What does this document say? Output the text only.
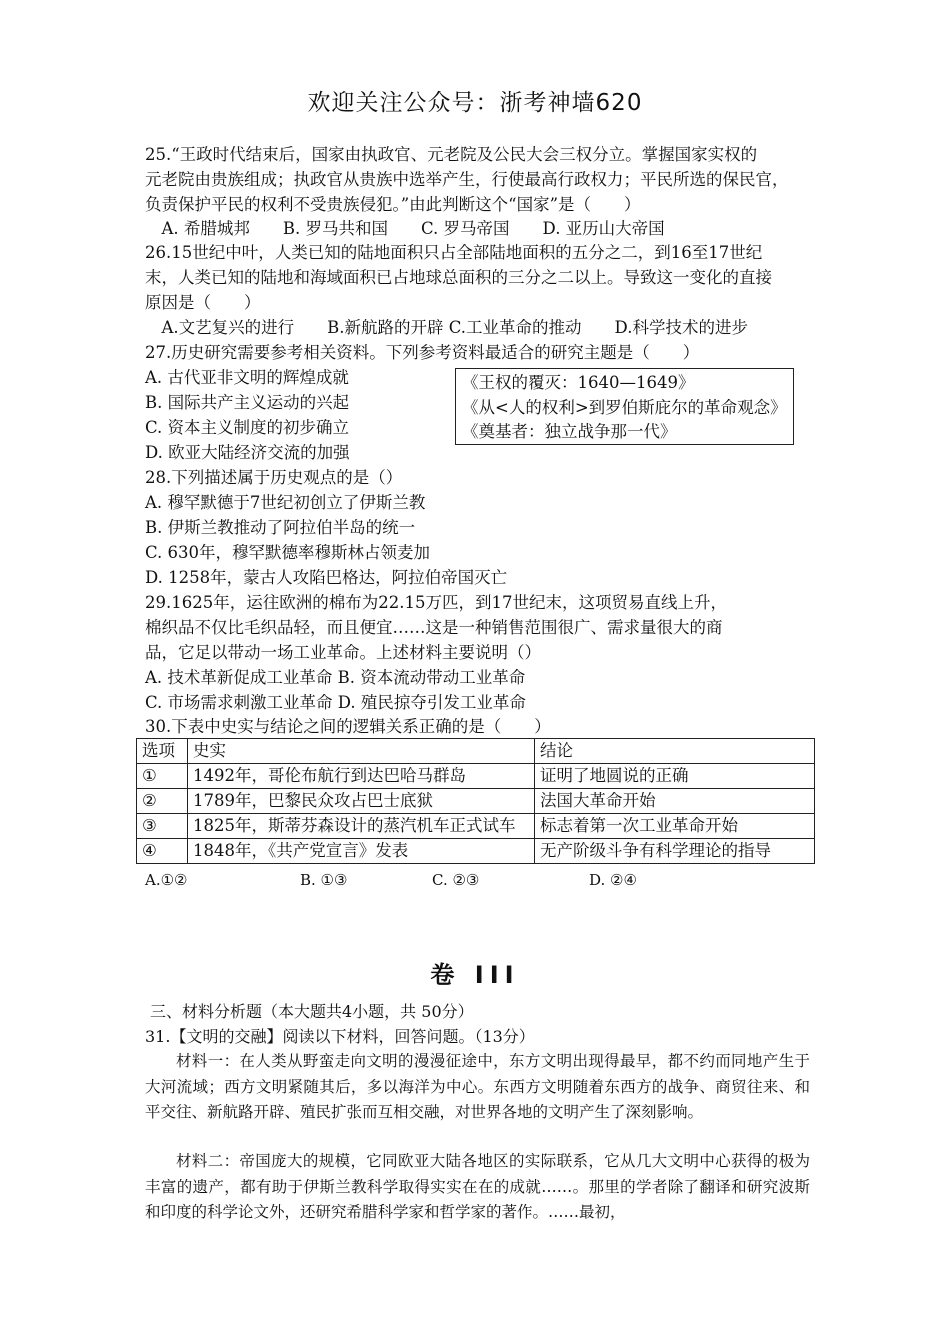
欢迎关注公众号：浙考神墙620
25.“王政时代结束后，国家由执政官、元老院及公民大会三权分立。掌握国家实权的
元老院由贵族组成；执政官从贵族中选举产生，行使最高行政权力；平民所选的保民官，
负责保护平民的权利不受贵族侵犯。”由此判断这个“国家”是（　　）
　A. 希腊城邦　　B. 罗马共和国　　C. 罗马帝国　　D. 亚历山大帝国
26.15世纪中叶，人类已知的陆地面积只占全部陆地面积的五分之二，到16至17世纪
末，人类已知的陆地和海域面积已占地球总面积的三分之二以上。导致这一变化的直接
原因是（　　）
　A.文艺复兴的进行　　B.新航路的开辟 C.工业革命的推动　　D.科学技术的进步
27.历史研究需要参考相关资料。下列参考资料最适合的研究主题是（　　）
A. 古代亚非文明的辉煌成就
B. 国际共产主义运动的兴起
C. 资本主义制度的初步确立
D. 欧亚大陆经济交流的加强
《王权的覆灭：1640—1649》
《从<人的权利>到罗伯斯庇尔的革命观念》
《奠基者：独立战争那一代》
28.下列描述属于历史观点的是（）
A. 穆罕默德于7世纪初创立了伊斯兰教
B. 伊斯兰教推动了阿拉伯半岛的统一
C. 630年，穆罕默德率穆斯林占领麦加
D. 1258年，蒙古人攻陷巴格达，阿拉伯帝国灭亡
29.1625年，运往欧洲的棉布为22.15万匹，到17世纪末，这项贸易直线上升，
棉织品不仅比毛织品轻，而且便宜……这是一种销售范围很广、需求量很大的商
品，它足以带动一场工业革命。上述材料主要说明（）
A. 技术革新促成工业革命 B. 资本流动带动工业革命
C. 市场需求刺激工业革命 D. 殖民掠夺引发工业革命
30.下表中史实与结论之间的逻辑关系正确的是（　　）
选项	史实	结论
①	1492年，哥伦布航行到达巴哈马群岛	证明了地圆说的正确
②	1789年，巴黎民众攻占巴士底狱	法国大革命开始
③	1825年，斯蒂芬森设计的蒸汽机车正式试车	标志着第一次工业革命开始
④	1848年，《共产党宣言》发表	无产阶级斗争有科学理论的指导
A.①②	B. ①③	C. ②③	D. ②④
卷 III
三、材料分析题（本大题共4小题，共 50分）
31.【文明的交融】阅读以下材料，回答问题。（13分）
材料一：在人类从野蛮走向文明的漫漫征途中，东方文明出现得最早，都不约而同地产生于大河流域；西方文明紧随其后，多以海洋为中心。东西方文明随着东西方的战争、商贸往来、和平交往、新航路开辟、殖民扩张而互相交融，对世界各地的文明产生了深刻影响。
材料二：帝国庞大的规模，它同欧亚大陆各地区的实际联系，它从几大文明中心获得的极为丰富的遗产，都有助于伊斯兰教科学取得实实在在的成就……。那里的学者除了翻译和研究波斯和印度的科学论文外，还研究希腊科学家和哲学家的著作。……最初，
